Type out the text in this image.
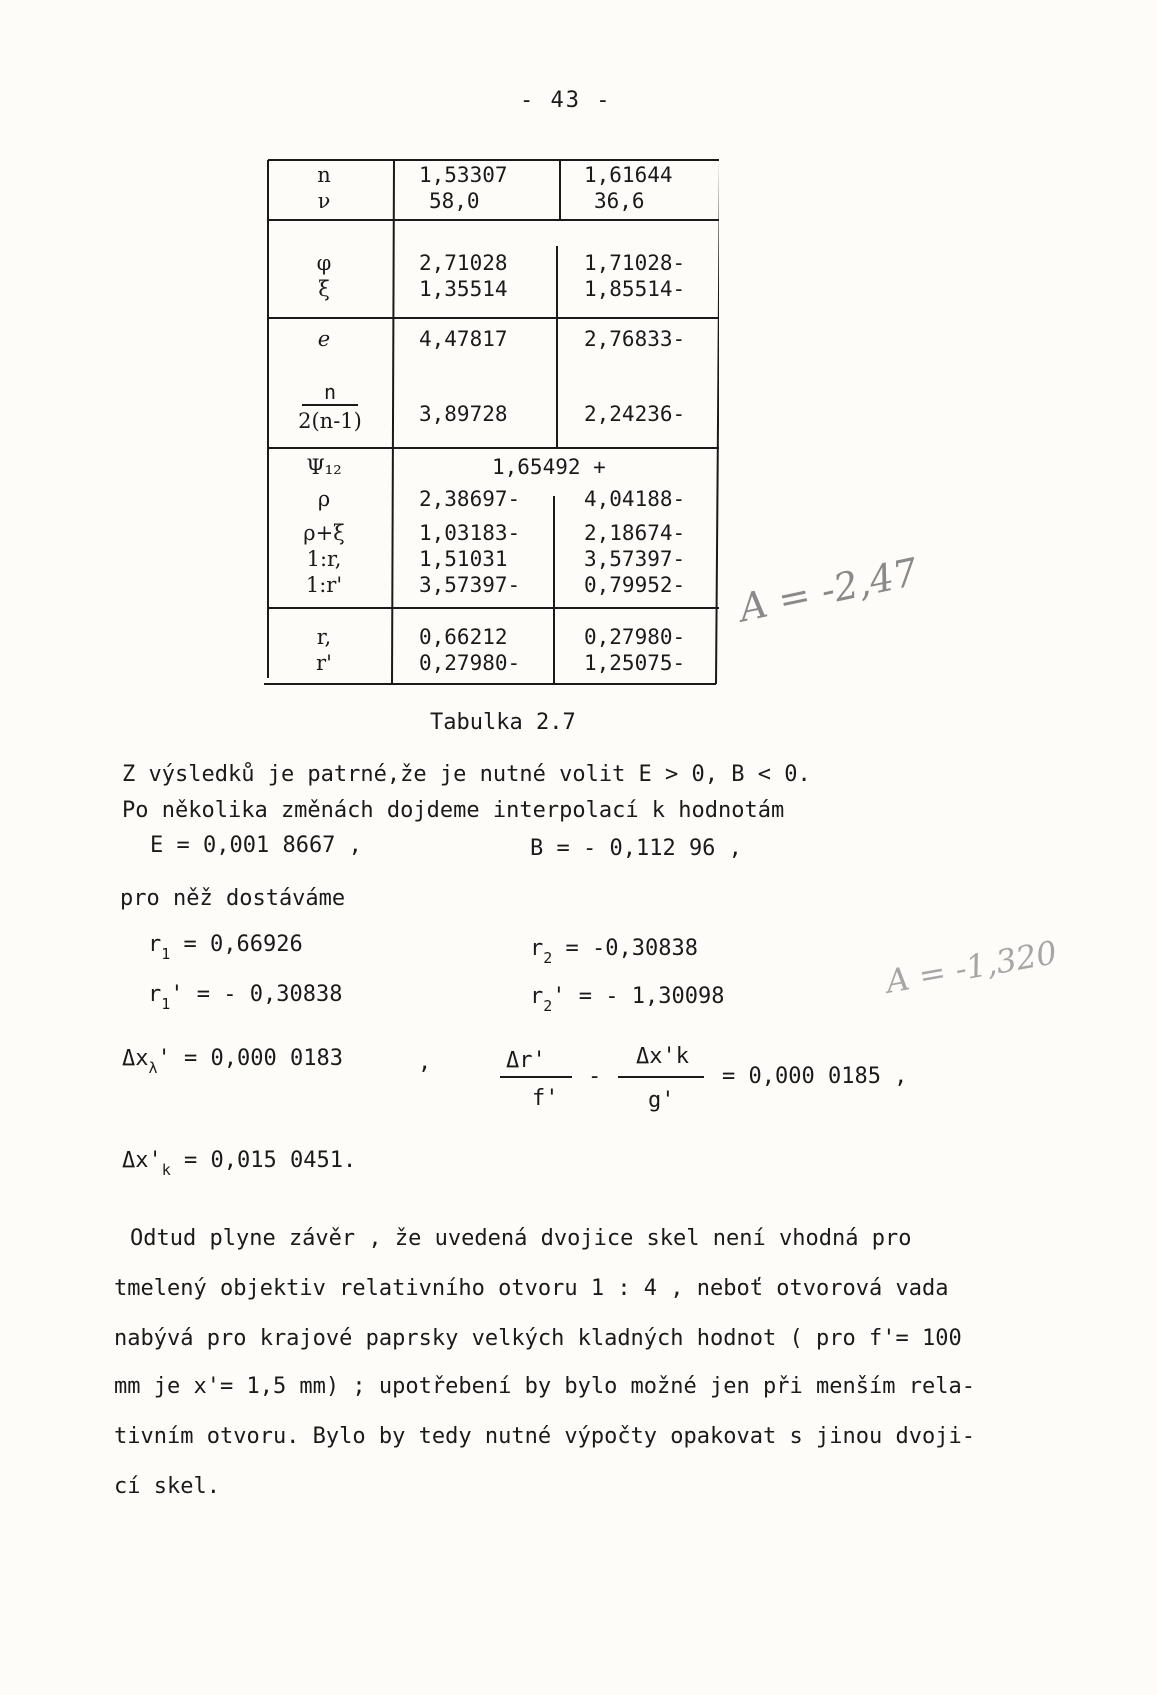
- 43 -
n	1,53307	1,61644
ν	58,0	36,6
φ	2,71028	1,71028-
ξ	1,35514	1,85514-
e	4,47817	2,76833-
n
2(n-1)	3,89728	2,24236-
Ψ₁₂	1,65492 +
ρ	2,38697-	4,04188-
ρ+ξ	1,03183-	2,18674-
1:r,	1,51031	3,57397-
1:r'	3,57397-	0,79952-
r,	0,66212	0,27980-
r'	0,27980-	1,25075-
A = -2,47
A = -1,320
Tabulka 2.7
Z výsledků je patrné,že je nutné volit E > 0, B < 0.
Po několika změnách dojdeme interpolací k hodnotám
E = 0,001 8667 ,	B = - 0,112 96 ,
pro něž dostáváme
$r_1 = 0,66926$	$r_2 = -0,30838$
$r_1'$ = - 0,30838	$r_2'$ = - 1,30098
$\Delta x_\lambda' = 0,000$ 0183	,	Δr'
f'
-
Δx'k
g'
= 0,000 0185 ,
$\Delta x'_k = 0,015$ 0451.
Odtud plyne závěr , že uvedená dvojice skel není vhodná pro
tmelený objektiv relativního otvoru 1 : 4 , neboť otvorová vada
nabývá pro krajové paprsky velkých kladných hodnot ( pro f'= 100
mm je x'= 1,5 mm) ; upotřebení by bylo možné jen při menším rela-
tivním otvoru. Bylo by tedy nutné výpočty opakovat s jinou dvoji-
cí skel.
